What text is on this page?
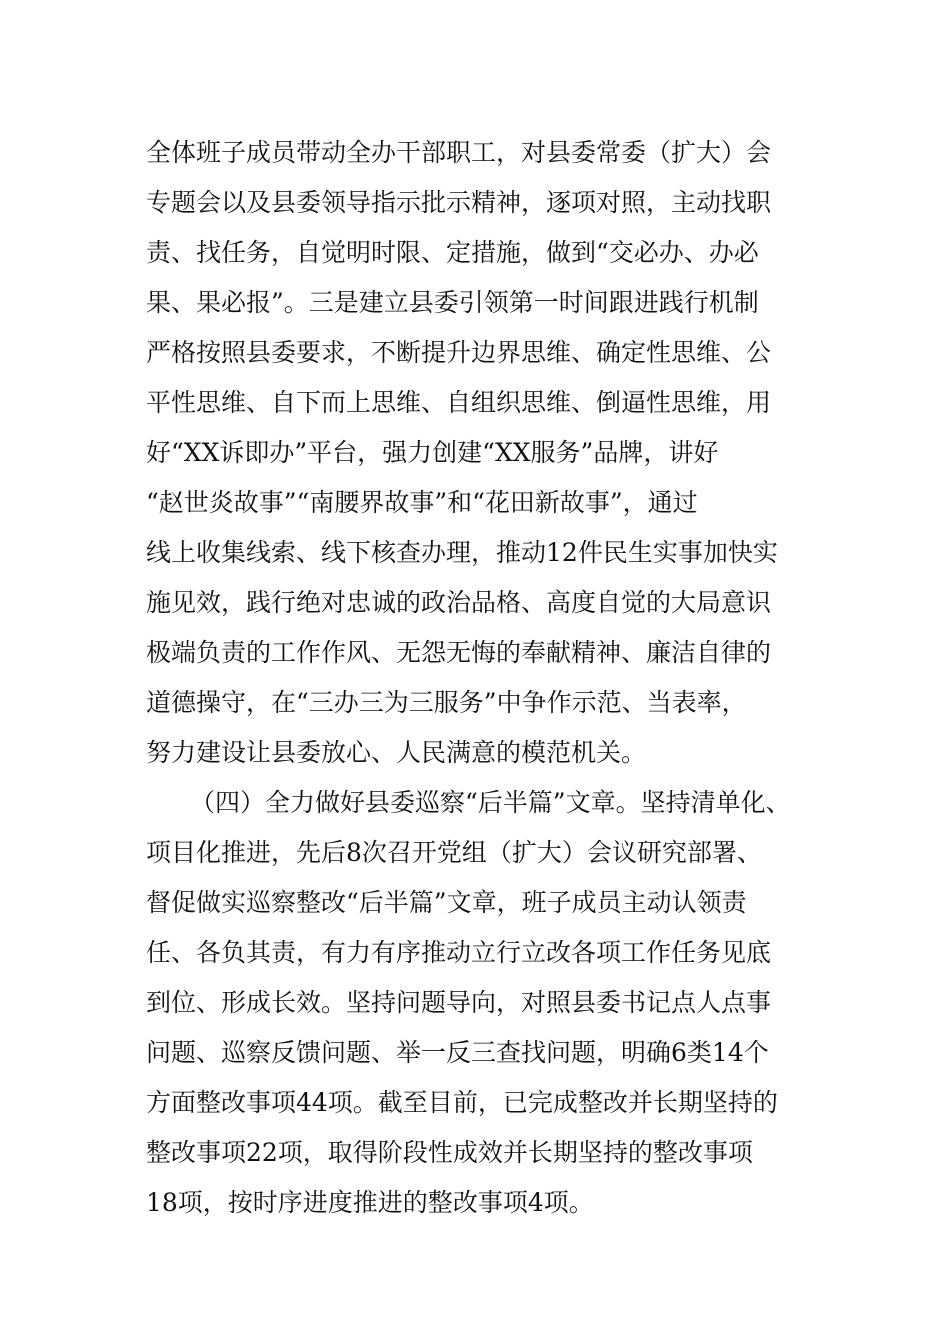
全体班子成员带动全办干部职工，对县委常委（扩大）会
专题会以及县委领导指示批示精神，逐项对照，主动找职
责、找任务，自觉明时限、定措施，做到“交必办、办必
果、果必报”。三是建立县委引领第一时间跟进践行机制
严格按照县委要求，不断提升边界思维、确定性思维、公
平性思维、自下而上思维、自组织思维、倒逼性思维，用
好“XX诉即办”平台，强力创建“XX服务”品牌，讲好
“赵世炎故事”“南腰界故事”和“花田新故事”，通过
线上收集线索、线下核查办理，推动12件民生实事加快实
施见效，践行绝对忠诚的政治品格、高度自觉的大局意识
极端负责的工作作风、无怨无悔的奉献精神、廉洁自律的
道德操守，在“三办三为三服务”中争作示范、当表率，
努力建设让县委放心、人民满意的模范机关。
（四）全力做好县委巡察“后半篇”文章。坚持清单化、
项目化推进，先后8次召开党组（扩大）会议研究部署、
督促做实巡察整改“后半篇”文章，班子成员主动认领责
任、各负其责，有力有序推动立行立改各项工作任务见底
到位、形成长效。坚持问题导向，对照县委书记点人点事
问题、巡察反馈问题、举一反三查找问题，明确6类14个
方面整改事项44项。截至目前，已完成整改并长期坚持的
整改事项22项，取得阶段性成效并长期坚持的整改事项
18项，按时序进度推进的整改事项4项。
